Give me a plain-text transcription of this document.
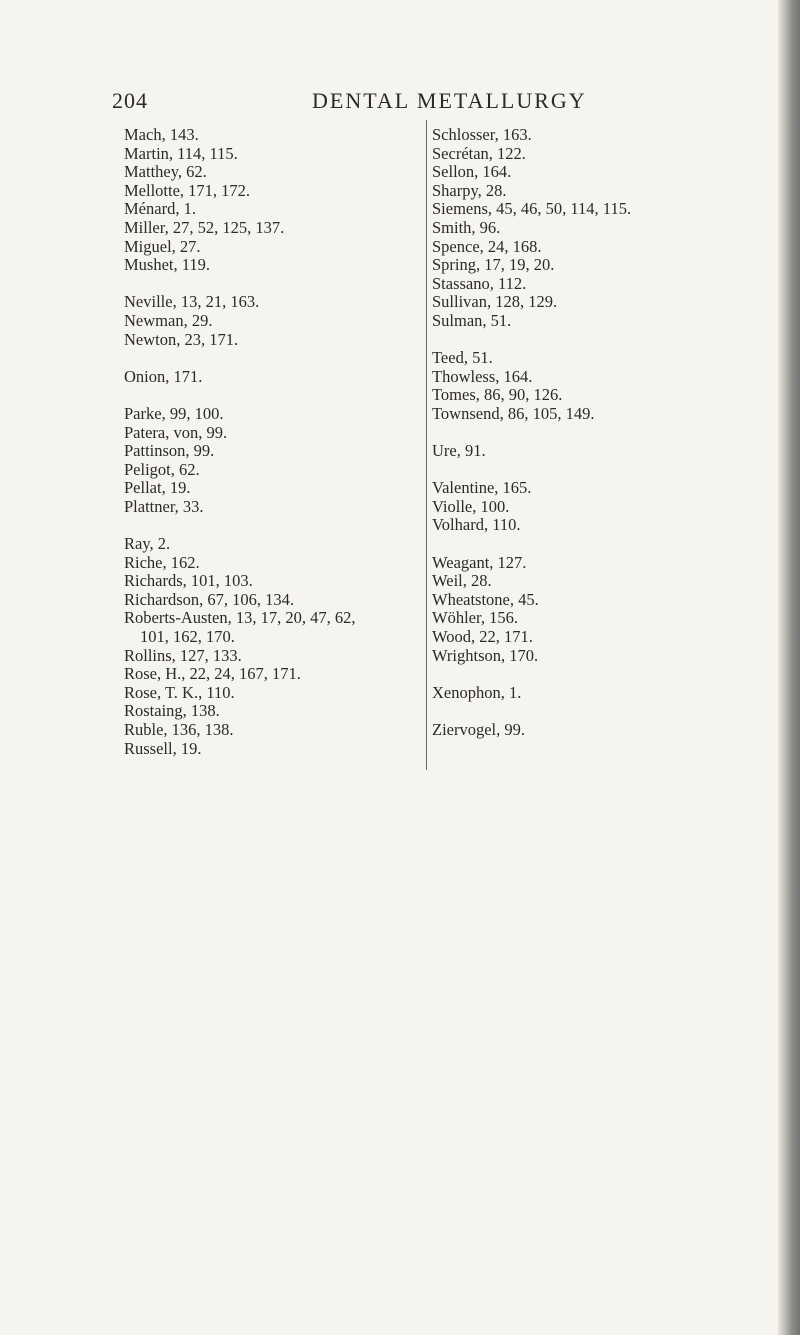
204	DENTAL METALLURGY
Mach, 143.
Martin, 114, 115.
Matthey, 62.
Mellotte, 171, 172.
Ménard, 1.
Miller, 27, 52, 125, 137.
Miguel, 27.
Mushet, 119.
Neville, 13, 21, 163.
Newman, 29.
Newton, 23, 171.
Onion, 171.
Parke, 99, 100.
Patera, von, 99.
Pattinson, 99.
Peligot, 62.
Pellat, 19.
Plattner, 33.
Ray, 2.
Riche, 162.
Richards, 101, 103.
Richardson, 67, 106, 134.
Roberts-Austen, 13, 17, 20, 47, 62,
101, 162, 170.
Rollins, 127, 133.
Rose, H., 22, 24, 167, 171.
Rose, T. K., 110.
Rostaing, 138.
Ruble, 136, 138.
Russell, 19.
Schlosser, 163.
Secrétan, 122.
Sellon, 164.
Sharpy, 28.
Siemens, 45, 46, 50, 114, 115.
Smith, 96.
Spence, 24, 168.
Spring, 17, 19, 20.
Stassano, 112.
Sullivan, 128, 129.
Sulman, 51.
Teed, 51.
Thowless, 164.
Tomes, 86, 90, 126.
Townsend, 86, 105, 149.
Ure, 91.
Valentine, 165.
Violle, 100.
Volhard, 110.
Weagant, 127.
Weil, 28.
Wheatstone, 45.
Wöhler, 156.
Wood, 22, 171.
Wrightson, 170.
Xenophon, 1.
Ziervogel, 99.
